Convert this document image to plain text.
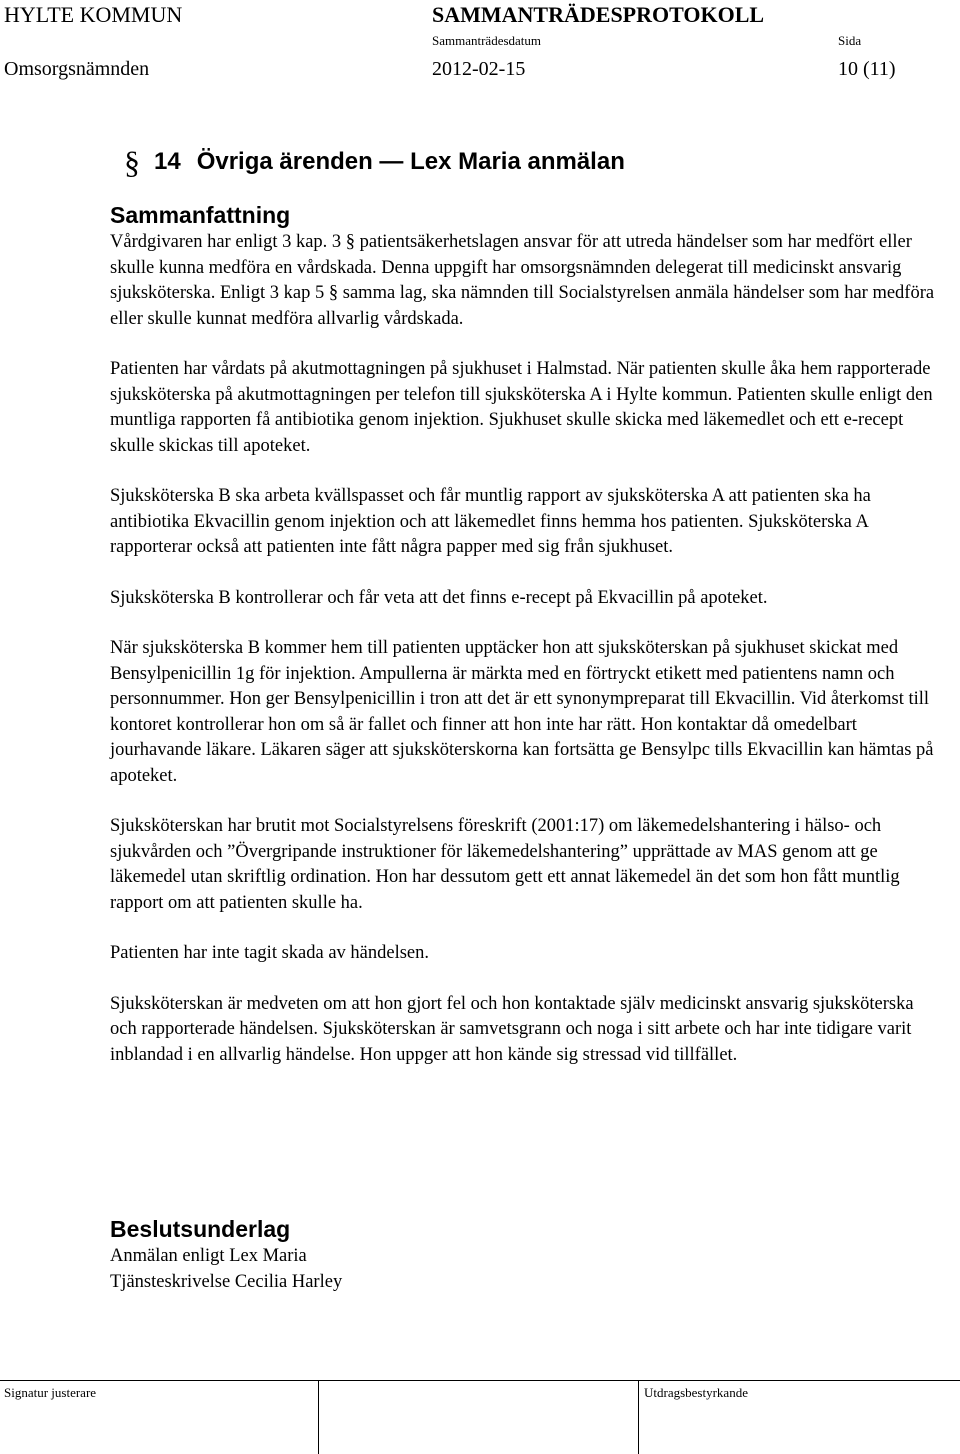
HYLTE KOMMUN	SAMMANTRÄDESPROTOKOLL
Sammanträdesdatum	Sida
Omsorgsnämnden	2012-02-15	10 (11)
§ 14 Övriga ärenden — Lex Maria anmälan
Sammanfattning

Vårdgivaren har enligt 3 kap. 3 § patientsäkerhetslagen ansvar för att utreda händelser som har medfört eller skulle kunna medföra en vårdskada. Denna uppgift har omsorgsnämnden delegerat till medicinskt ansvarig sjuksköterska. Enligt 3 kap 5 § samma lag, ska nämnden till Socialstyrelsen anmäla händelser som har medföra eller skulle kunnat medföra allvarlig vårdskada.

Patienten har vårdats på akutmottagningen på sjukhuset i Halmstad. När patienten skulle åka hem rapporterade sjuksköterska på akutmottagningen per telefon till sjuksköterska A i Hylte kommun. Patienten skulle enligt den muntliga rapporten få antibiotika genom injektion. Sjukhuset skulle skicka med läkemedlet och ett e-recept skulle skickas till apoteket.

Sjuksköterska B ska arbeta kvällspasset och får muntlig rapport av sjuksköterska A att patienten ska ha antibiotika Ekvacillin genom injektion och att läkemedlet finns hemma hos patienten. Sjuksköterska A rapporterar också att patienten inte fått några papper med sig från sjukhuset.

Sjuksköterska B kontrollerar och får veta att det finns e-recept på Ekvacillin på apoteket.

När sjuksköterska B kommer hem till patienten upptäcker hon att sjuksköterskan på sjukhuset skickat med Bensylpenicillin 1g för injektion. Ampullerna är märkta med en förtryckt etikett med patientens namn och personnummer. Hon ger Bensylpenicillin i tron att det är ett synonympreparat till Ekvacillin. Vid återkomst till kontoret kontrollerar hon om så är fallet och finner att hon inte har rätt. Hon kontaktar då omedelbart jourhavande läkare. Läkaren säger att sjuksköterskorna kan fortsätta ge Bensylpc tills Ekvacillin kan hämtas på apoteket.

Sjuksköterskan har brutit mot Socialstyrelsens föreskrift (2001:17) om läkemedelshantering i hälso- och sjukvården och ”Övergripande instruktioner för läkemedelshantering” upprättade av MAS genom att ge läkemedel utan skriftlig ordination. Hon har dessutom gett ett annat läkemedel än det som hon fått muntlig rapport om att patienten skulle ha.

Patienten har inte tagit skada av händelsen.

Sjuksköterskan är medveten om att hon gjort fel och hon kontaktade själv medicinskt ansvarig sjuksköterska och rapporterade händelsen. Sjuksköterskan är samvetsgrann och noga i sitt arbete och har inte tidigare varit inblandad i en allvarlig händelse. Hon uppger att hon kände sig stressad vid tillfället.

Beslutsunderlag
Anmälan enligt Lex Maria
Tjänsteskrivelse Cecilia Harley
Signatur justerare	Utdragsbestyrkande
